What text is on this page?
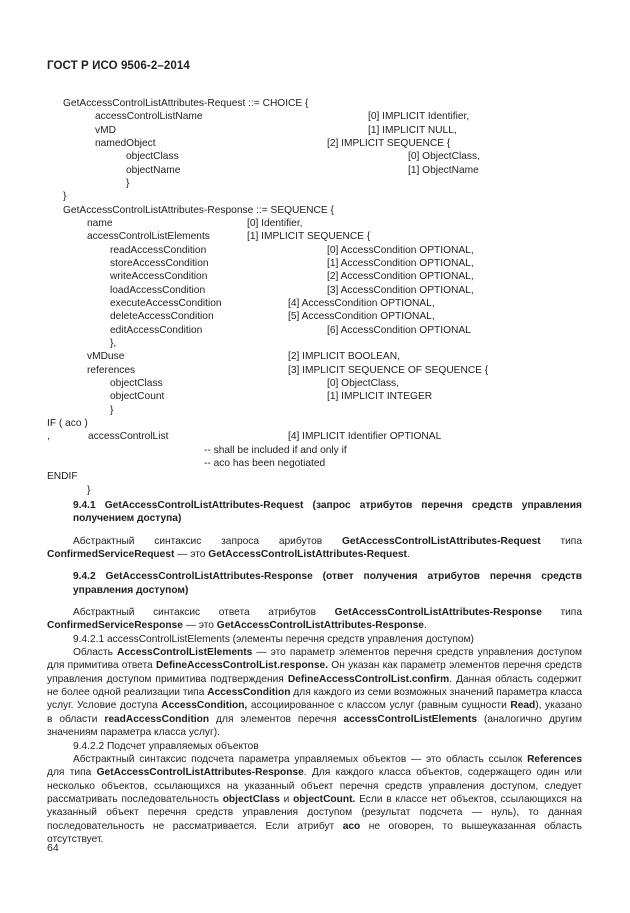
ГОСТ Р ИСО 9506-2–2014
GetAccessControlListAttributes-Request ::= CHOICE {
accessControlListName	[0] IMPLICIT Identifier,
vMD	[1] IMPLICIT NULL,
namedObject	[2] IMPLICIT SEQUENCE {
objectClass	[0] ObjectClass,
objectName	[1] ObjectName
}
}
GetAccessControlListAttributes-Response ::= SEQUENCE {
name	[0] Identifier,
accessControlListElements	[1] IMPLICIT SEQUENCE {
readAccessCondition	[0] AccessCondition OPTIONAL,
storeAccessCondition	[1] AccessCondition OPTIONAL,
writeAccessCondition	[2] AccessCondition OPTIONAL,
loadAccessCondition	[3] AccessCondition OPTIONAL,
executeAccessCondition	[4] AccessCondition OPTIONAL,
deleteAccessCondition	[5] AccessCondition OPTIONAL,
editAccessCondition	[6] AccessCondition OPTIONAL
},
vMDuse	[2] IMPLICIT BOOLEAN,
references	[3] IMPLICIT SEQUENCE OF SEQUENCE {
objectClass	[0] ObjectClass,
objectCount	[1] IMPLICIT INTEGER
}
IF ( aco )
,	accessControlList	[4] IMPLICIT Identifier OPTIONAL
-- shall be included if and only if
-- aco has been negotiated
ENDIF
}

9.4.1 GetAccessControlListAttributes-Request (запрос атрибутов перечня средств управления получением доступа)

Абстрактный синтаксис запроса арибутов GetAccessControlListAttributes-Request типа ConfirmedServiceRequest — это GetAccessControlListAttributes-Request.

9.4.2 GetAccessControlListAttributes-Response (ответ получения атрибутов перечня средств управления доступом)

Абстрактный синтаксис ответа атрибутов GetAccessControlListAttributes-Response типа ConfirmedServiceResponse — это GetAccessControlListAttributes-Response.

9.4.2.1 accessControlListElements (элементы перечня средств управления доступом)

Область AccessControlListElements — это параметр элементов перечня средств управления доступом для примитива ответа DefineAccessControlList.response. Он указан как параметр элементов перечня средств управления доступом примитива подтверждения DefineAccessControlList.confirm. Данная область содержит не более одной реализации типа AccessCondition для каждого из семи возможных значений параметра класса услуг. Условие доступа AccessCondition, ассоциированное с классом услуг (равным сущности Read), указано в области readAccessCondition для элементов перечня accessControlListElements (аналогично другим значениям параметра класса услуг).

9.4.2.2 Подсчет управляемых объектов

Абстрактный синтаксис подсчета параметра управляемых объектов — это область ссылок References для типа GetAccessControlListAttributes-Response. Для каждого класса объектов, содержащего один или несколько объектов, ссылающихся на указанный объект перечня средств управления доступом, следует рассматривать последовательность objectClass и objectCount. Если в классе нет объектов, ссылающихся на указанный объект перечня средств управления доступом (результат подсчета — нуль), то данная последовательность не рассматривается. Если атрибут aco не оговорен, то вышеуказанная область отсутствует.

64
